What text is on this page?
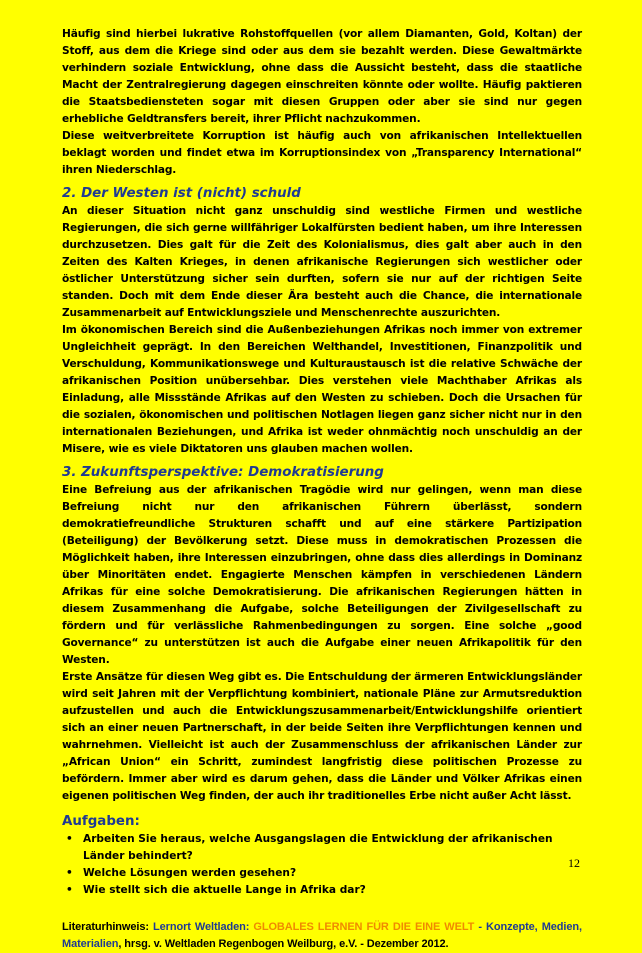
Häufig sind hierbei lukrative Rohstoffquellen (vor allem Diamanten, Gold, Koltan) der Stoff, aus dem die Kriege sind oder aus dem sie bezahlt werden. Diese Gewaltmärkte verhindern soziale Entwicklung, ohne dass die Aussicht besteht, dass die staatliche Macht der Zentralregierung dagegen einschreiten könnte oder wollte. Häufig paktieren die Staatsbediensteten sogar mit diesen Gruppen oder aber sie sind nur gegen erhebliche Geldtransfers bereit, ihrer Pflicht nachzukommen.

Diese weitverbreitete Korruption ist häufig auch von afrikanischen Intellektuellen beklagt worden und findet etwa im Korruptionsindex von „Transparency International“ ihren Niederschlag.

2. Der Westen ist (nicht) schuld

An dieser Situation nicht ganz unschuldig sind westliche Firmen und westliche Regierungen, die sich gerne willfähriger Lokalfürsten bedient haben, um ihre Interessen durchzusetzen. Dies galt für die Zeit des Kolonialismus, dies galt aber auch in den Zeiten des Kalten Krieges, in denen afrikanische Regierungen sich westlicher oder östlicher Unterstützung sicher sein durften, sofern sie nur auf der richtigen Seite standen. Doch mit dem Ende dieser Ära besteht auch die Chance, die internationale Zusammenarbeit auf Entwicklungsziele und Menschenrechte auszurichten.

Im ökonomischen Bereich sind die Außenbeziehungen Afrikas noch immer von extremer Ungleichheit geprägt. In den Bereichen Welthandel, Investitionen, Finanzpolitik und Verschuldung, Kommunikationswege und Kulturaustausch ist die relative Schwäche der afrikanischen Position unübersehbar. Dies verstehen viele Machthaber Afrikas als Einladung, alle Missstände Afrikas auf den Westen zu schieben. Doch die Ursachen für die sozialen, ökonomischen und politischen Notlagen liegen ganz sicher nicht nur in den internationalen Beziehungen, und Afrika ist weder ohnmächtig noch unschuldig an der Misere, wie es viele Diktatoren uns glauben machen wollen.

3. Zukunftsperspektive: Demokratisierung

Eine Befreiung aus der afrikanischen Tragödie wird nur gelingen, wenn man diese Befreiung nicht nur den afrikanischen Führern überlässt, sondern demokratiefreundliche Strukturen schafft und auf eine stärkere Partizipation (Beteiligung) der Bevölkerung setzt. Diese muss in demokratischen Prozessen die Möglichkeit haben, ihre Interessen einzubringen, ohne dass dies allerdings in Dominanz über Minoritäten endet. Engagierte Menschen kämpfen in verschiedenen Ländern Afrikas für eine solche Demokratisierung. Die afrikanischen Regierungen hätten in diesem Zusammenhang die Aufgabe, solche Beteiligungen der Zivilgesellschaft zu fördern und für verlässliche Rahmenbedingungen zu sorgen. Eine solche „good Governance“ zu unterstützen ist auch die Aufgabe einer neuen Afrikapolitik für den Westen.

Erste Ansätze für diesen Weg gibt es. Die Entschuldung der ärmeren Entwicklungsländer wird seit Jahren mit der Verpflichtung kombiniert, nationale Pläne zur Armutsreduktion aufzustellen und auch die Entwicklungszusammenarbeit/Entwicklungshilfe orientiert sich an einer neuen Partnerschaft, in der beide Seiten ihre Verpflichtungen kennen und wahrnehmen. Vielleicht ist auch der Zusammenschluss der afrikanischen Länder zur „African Union“ ein Schritt, zumindest langfristig diese politischen Prozesse zu befördern. Immer aber wird es darum gehen, dass die Länder und Völker Afrikas einen eigenen politischen Weg finden, der auch ihr traditionelles Erbe nicht außer Acht lässt.

Aufgaben:
• Arbeiten Sie heraus, welche Ausgangslagen die Entwicklung der afrikanischen Länder behindert?
• Welche Lösungen werden gesehen?
• Wie stellt sich die aktuelle Lange in Afrika dar?
Literaturhinweis: Lernort Weltladen: GLOBALES LERNEN FÜR DIE EINE WELT - Konzepte, Medien, Materialien, hrsg. v. Weltladen Regenbogen Weilburg, e.V. - Dezember 2012.
12
